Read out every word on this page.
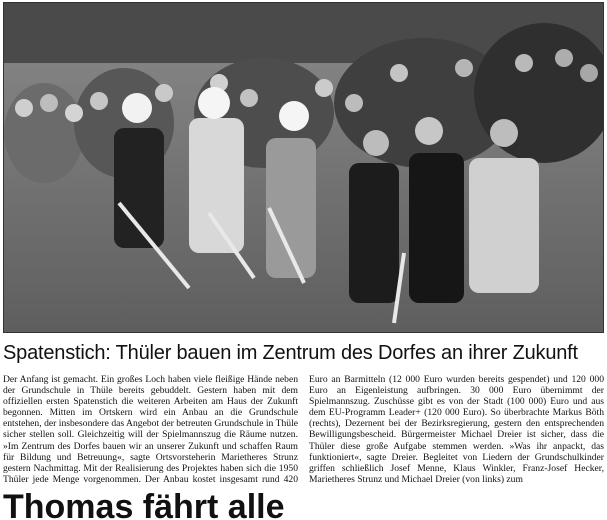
Spatenstich: Thüler bauen im Zentrum des Dorfes an ihrer Zukunft

Der Anfang ist gemacht. Ein großes Loch haben viele fleißige Hände neben der Grundschule in Thüle bereits gebuddelt. Gestern haben mit dem offiziellen ersten Spatenstich die weiteren Arbeiten am Haus der Zukunft begonnen. Mitten im Ortskern wird ein Anbau an die Grundschule entstehen, der insbesondere das Angebot der betreuten Grundschule in Thüle sicher stellen soll. Gleichzeitig will der Spielmannszug die Räume nutzen. »Im Zentrum des Dorfes bauen wir an unserer Zukunft und schaffen Raum für Bildung und Betreuung«, sagte Ortsvorsteherin Marietheres Strunz gestern Nachmittag. Mit der Realisierung des Projektes haben sich die 1950 Thüler jede Menge vorgenommen. Der Anbau kostet insgesamt rund 420

Euro an Barmitteln (12 000 Euro wurden bereits gespendet) und 120 000 Euro an Eigenleistung aufbringen. 30 000 Euro übernimmt der Spielmannszug. Zuschüsse gibt es von der Stadt (100 000) Euro und aus dem EU-Programm Leader+ (120 000 Euro). So überbrachte Markus Böth (rechts), Dezernent bei der Bezirksregierung, gestern den entsprechenden Bewilligungsbescheid. Bürgermeister Michael Dreier ist sicher, dass die Thüler diese große Aufgabe stemmen werden. »Was ihr anpackt, das funktioniert«, sagte Dreier. Begleitet von Liedern der Grundschulkinder griffen schließlich Josef Menne, Klaus Winkler, Franz-Josef Hecker, Marietheres Strunz und Michael Dreier (von links) zum
Thomas fährt alle
